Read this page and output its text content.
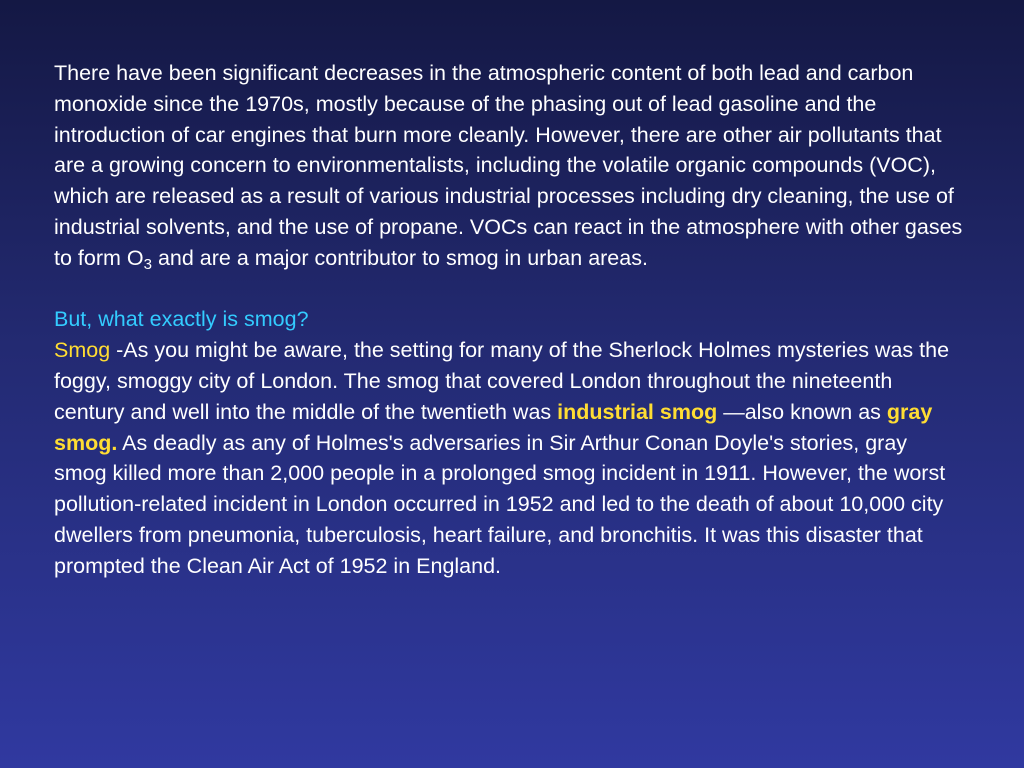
There have been significant decreases in the atmospheric content of both lead and carbon monoxide since the 1970s, mostly because of the phasing out of lead gasoline and the introduction of car engines that burn more cleanly. However, there are other air pollutants that are a growing concern to environmentalists, including the volatile organic compounds (VOC), which are released as a result of various industrial processes including dry cleaning, the use of industrial solvents, and the use of propane. VOCs can react in the atmosphere with other gases to form $O_3$ and are a major contributor to smog in urban areas.

But, what exactly is smog?

Smog -As you might be aware, the setting for many of the Sherlock Holmes mysteries was the foggy, smoggy city of London. The smog that covered London throughout the nineteenth century and well into the middle of the twentieth was industrial smog —also known as gray smog. As deadly as any of Holmes's adversaries in Sir Arthur Conan Doyle's stories, gray smog killed more than 2,000 people in a prolonged smog incident in 1911. However, the worst pollution-related incident in London occurred in 1952 and led to the death of about 10,000 city dwellers from pneumonia, tuberculosis, heart failure, and bronchitis. It was this disaster that prompted the Clean Air Act of 1952 in England.
